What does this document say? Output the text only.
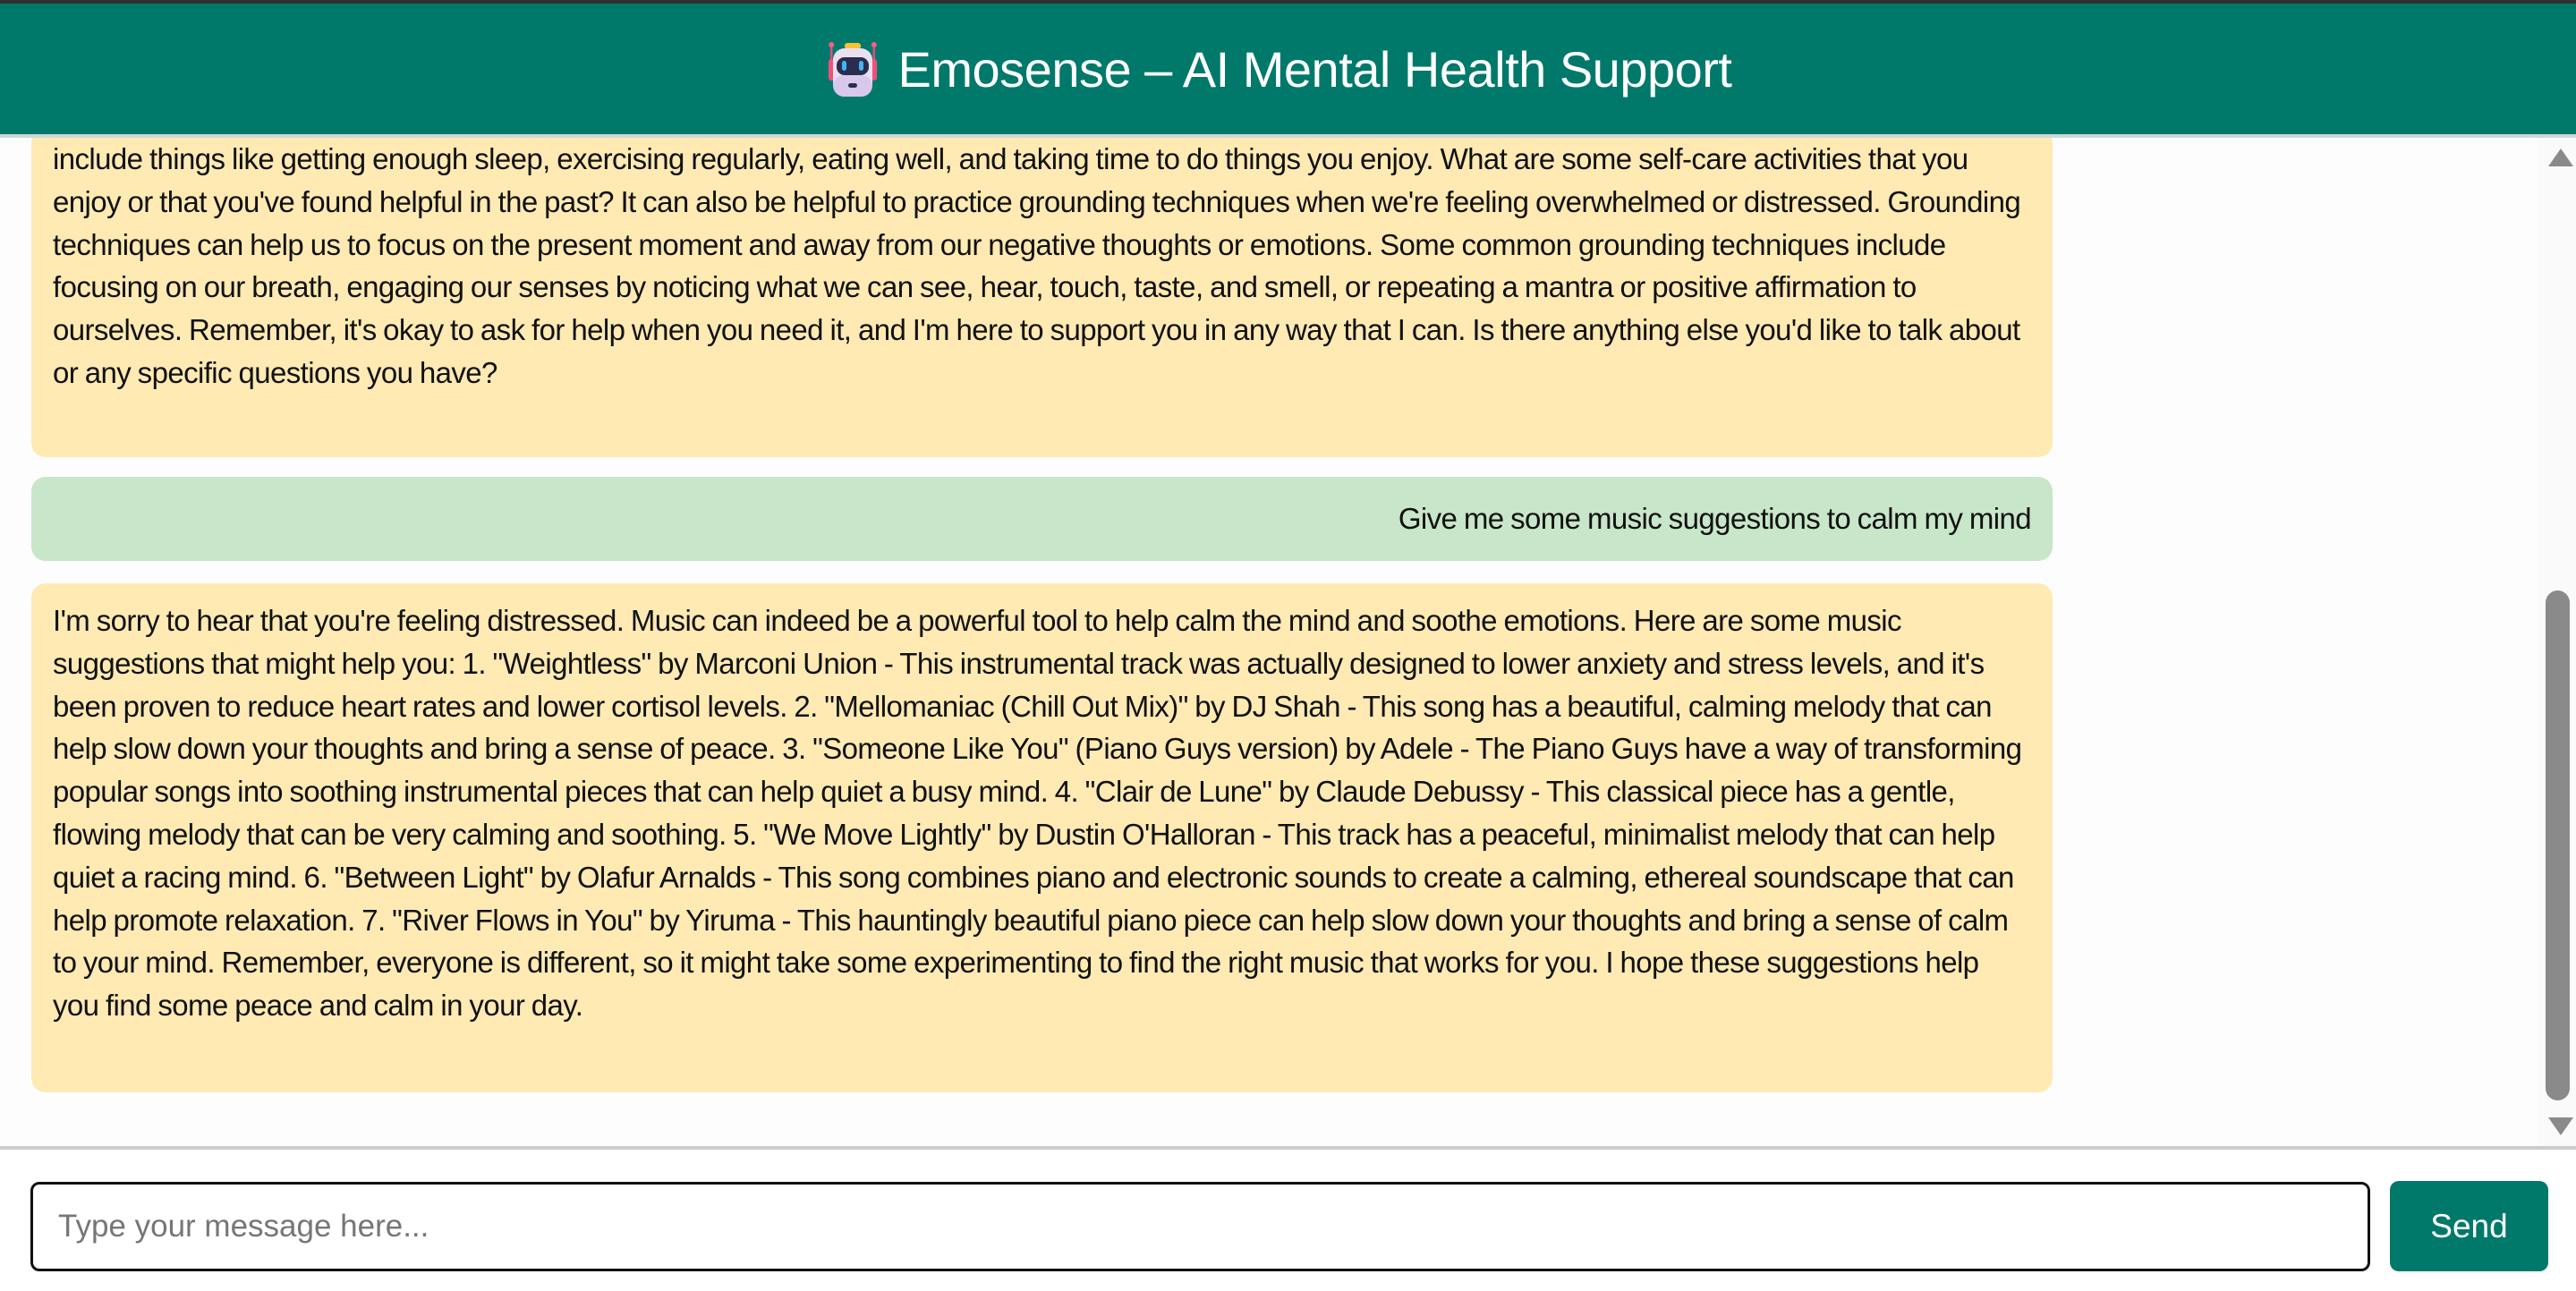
Emosense – AI Mental Health Support
include things like getting enough sleep, exercising regularly, eating well, and taking time to do things you enjoy. What are some self-care activities that you enjoy or that you've found helpful in the past? It can also be helpful to practice grounding techniques when we're feeling overwhelmed or distressed. Grounding techniques can help us to focus on the present moment and away from our negative thoughts or emotions. Some common grounding techniques include focusing on our breath, engaging our senses by noticing what we can see, hear, touch, taste, and smell, or repeating a mantra or positive affirmation to ourselves. Remember, it's okay to ask for help when you need it, and I'm here to support you in any way that I can. Is there anything else you'd like to talk about or any specific questions you have?
Give me some music suggestions to calm my mind
I'm sorry to hear that you're feeling distressed. Music can indeed be a powerful tool to help calm the mind and soothe emotions. Here are some music suggestions that might help you: 1. "Weightless" by Marconi Union - This instrumental track was actually designed to lower anxiety and stress levels, and it's been proven to reduce heart rates and lower cortisol levels. 2. "Mellomaniac (Chill Out Mix)" by DJ Shah - This song has a beautiful, calming melody that can help slow down your thoughts and bring a sense of peace. 3. "Someone Like You" (Piano Guys version) by Adele - The Piano Guys have a way of transforming popular songs into soothing instrumental pieces that can help quiet a busy mind. 4. "Clair de Lune" by Claude Debussy - This classical piece has a gentle, flowing melody that can be very calming and soothing. 5. "We Move Lightly" by Dustin O'Halloran - This track has a peaceful, minimalist melody that can help quiet a racing mind. 6. "Between Light" by Olafur Arnalds - This song combines piano and electronic sounds to create a calming, ethereal soundscape that can help promote relaxation. 7. "River Flows in You" by Yiruma - This hauntingly beautiful piano piece can help slow down your thoughts and bring a sense of calm to your mind. Remember, everyone is different, so it might take some experimenting to find the right music that works for you. I hope these suggestions help you find some peace and calm in your day.
Type your message here...
Send
